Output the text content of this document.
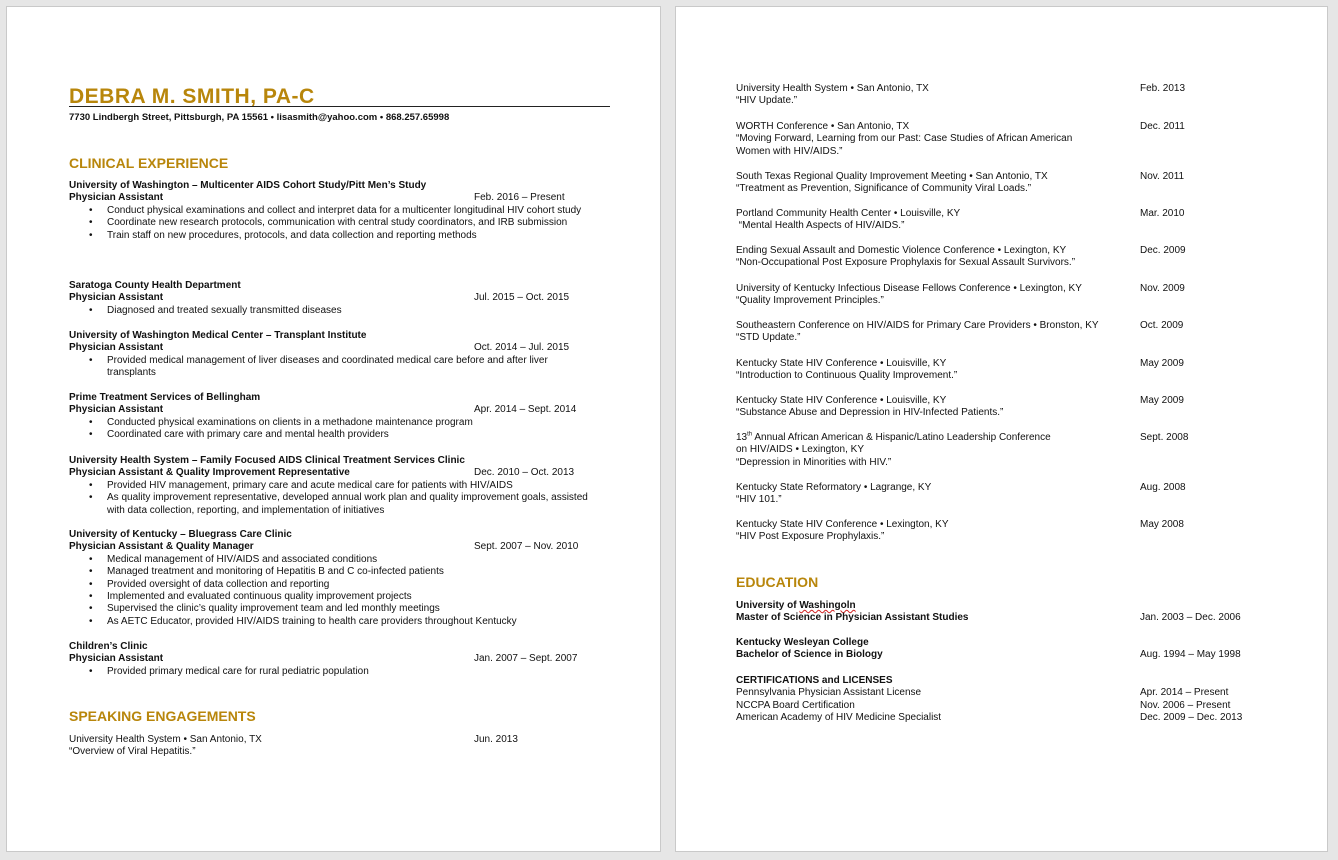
DEBRA M. SMITH, PA-C
7730 Lindbergh Street, Pittsburgh, PA 15561 • lisasmith@yahoo.com • 868.257.65998
CLINICAL EXPERIENCE
University of Washington – Multicenter AIDS Cohort Study/Pitt Men’s Study
Physician Assistant	Feb. 2016 – Present
• Conduct physical examinations and collect and interpret data for a multicenter longitudinal HIV cohort study
• Coordinate new research protocols, communication with central study coordinators, and IRB submission
• Train staff on new procedures, protocols, and data collection and reporting methods
Saratoga County Health Department
Physician Assistant	Jul. 2015 – Oct. 2015
• Diagnosed and treated sexually transmitted diseases
University of Washington Medical Center – Transplant Institute
Physician Assistant	Oct. 2014 – Jul. 2015
• Provided medical management of liver diseases and coordinated medical care before and after liver transplants
Prime Treatment Services of Bellingham
Physician Assistant	Apr. 2014 – Sept. 2014
• Conducted physical examinations on clients in a methadone maintenance program
• Coordinated care with primary care and mental health providers
University Health System – Family Focused AIDS Clinical Treatment Services Clinic
Physician Assistant & Quality Improvement Representative	Dec. 2010 – Oct. 2013
• Provided HIV management, primary care and acute medical care for patients with HIV/AIDS
• As quality improvement representative, developed annual work plan and quality improvement goals, assisted with data collection, reporting, and implementation of initiatives
University of Kentucky – Bluegrass Care Clinic
Physician Assistant & Quality Manager	Sept. 2007 – Nov. 2010
• Medical management of HIV/AIDS and associated conditions
• Managed treatment and monitoring of Hepatitis B and C co-infected patients
• Provided oversight of data collection and reporting
• Implemented and evaluated continuous quality improvement projects
• Supervised the clinic’s quality improvement team and led monthly meetings
• As AETC Educator, provided HIV/AIDS training to health care providers throughout Kentucky
Children’s Clinic
Physician Assistant	Jan. 2007 – Sept. 2007
• Provided primary medical care for rural pediatric population
SPEAKING ENGAGEMENTS
University Health System • San Antonio, TX	Jun. 2013
“Overview of Viral Hepatitis.”
University Health System • San Antonio, TX	Feb. 2013
“HIV Update.”
WORTH Conference • San Antonio, TX	Dec. 2011
“Moving Forward, Learning from our Past: Case Studies of African American Women with HIV/AIDS.”
South Texas Regional Quality Improvement Meeting • San Antonio, TX	Nov. 2011
“Treatment as Prevention, Significance of Community Viral Loads.”
Portland Community Health Center • Louisville, KY	Mar. 2010
“Mental Health Aspects of HIV/AIDS.”
Ending Sexual Assault and Domestic Violence Conference • Lexington, KY	Dec. 2009
“Non-Occupational Post Exposure Prophylaxis for Sexual Assault Survivors.”
University of Kentucky Infectious Disease Fellows Conference • Lexington, KY	Nov. 2009
“Quality Improvement Principles.”
Southeastern Conference on HIV/AIDS for Primary Care Providers • Bronston, KY	Oct. 2009
“STD Update.”
Kentucky State HIV Conference • Louisville, KY	May 2009
“Introduction to Continuous Quality Improvement.”
Kentucky State HIV Conference • Louisville, KY	May 2009
“Substance Abuse and Depression in HIV-Infected Patients.”
13th Annual African American & Hispanic/Latino Leadership Conference	Sept. 2008
on HIV/AIDS • Lexington, KY
“Depression in Minorities with HIV.”
Kentucky State Reformatory • Lagrange, KY	Aug. 2008
“HIV 101.”
Kentucky State HIV Conference • Lexington, KY	May 2008
“HIV Post Exposure Prophylaxis.”
EDUCATION
University of Washingoln
Master of Science in Physician Assistant Studies	Jan. 2003 – Dec. 2006
Kentucky Wesleyan College
Bachelor of Science in Biology	Aug. 1994 – May 1998
CERTIFICATIONS and LICENSES
Pennsylvania Physician Assistant License	Apr. 2014 – Present
NCCPA Board Certification	Nov. 2006 – Present
American Academy of HIV Medicine Specialist	Dec. 2009 – Dec. 2013
